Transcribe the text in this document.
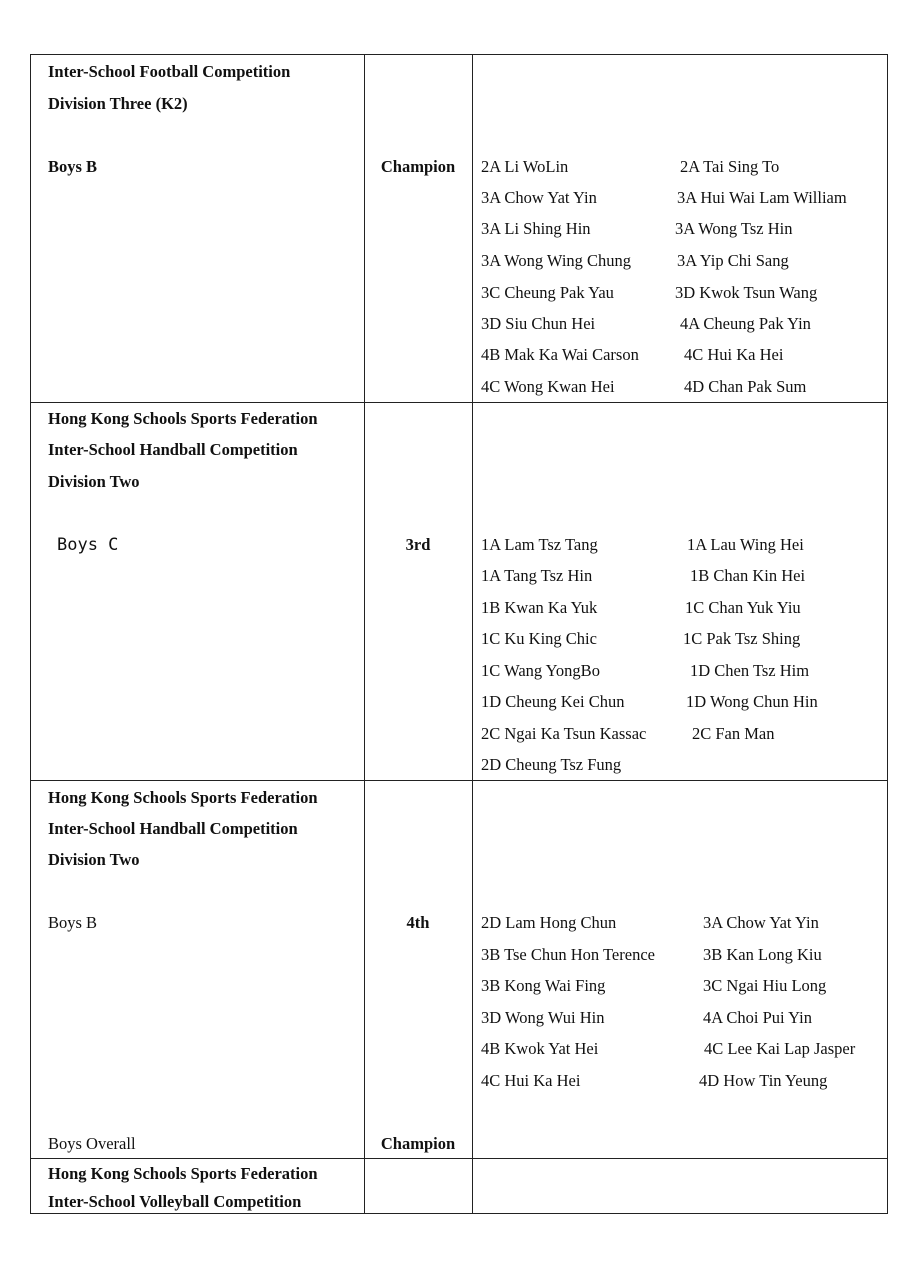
Inter-School Football Competition
Division Three (K2)
Boys B	Champion	2A Li WoLin	2A Tai Sing To
3A Chow Yat Yin	3A Hui Wai Lam William
3A Li Shing Hin	3A Wong Tsz Hin
3A Wong Wing Chung	3A Yip Chi Sang
3C Cheung Pak Yau	3D Kwok Tsun Wang
3D Siu Chun Hei	4A Cheung Pak Yin
4B Mak Ka Wai Carson	4C Hui Ka Hei
4C Wong Kwan Hei	4D Chan Pak Sum
Hong Kong Schools Sports Federation
Inter-School Handball Competition
Division Two
Boys C	3rd	1A Lam Tsz Tang	1A Lau Wing Hei
1A Tang Tsz Hin	1B Chan Kin Hei
1B Kwan Ka Yuk	1C Chan Yuk Yiu
1C Ku King Chic	1C Pak Tsz Shing
1C Wang YongBo	1D Chen Tsz Him
1D Cheung Kei Chun	1D Wong Chun Hin
2C Ngai Ka Tsun Kassac	2C Fan Man
2D Cheung Tsz Fung
Hong Kong Schools Sports Federation
Inter-School Handball Competition
Division Two
Boys B	4th	2D Lam Hong Chun	3A Chow Yat Yin
3B Tse Chun Hon Terence	3B Kan Long Kiu
3B Kong Wai Fing	3C Ngai Hiu Long
3D Wong Wui Hin	4A Choi Pui Yin
4B Kwok Yat Hei	4C Lee Kai Lap Jasper
4C Hui Ka Hei	4D How Tin Yeung
Boys Overall	Champion
Hong Kong Schools Sports Federation
Inter-School Volleyball Competition
